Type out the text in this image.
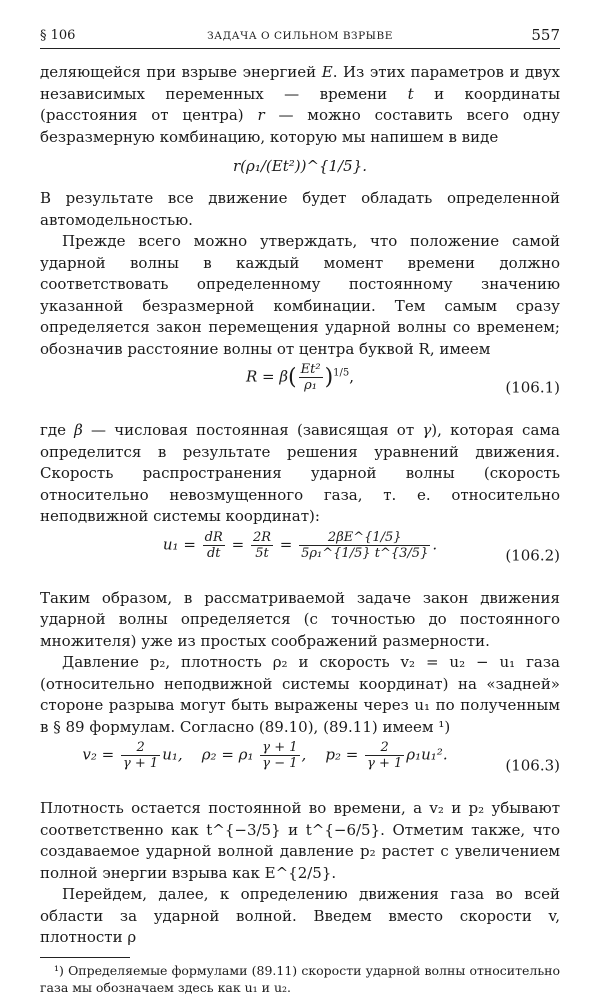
§ 106	ЗАДАЧА О СИЛЬНОМ ВЗРЫВЕ	557

деляющейся при взрыве энергией E. Из этих параметров и двух независимых переменных — времени t и координаты (расстояния от центра) r — можно составить всего одну безразмерную комбинацию, которую мы напишем в виде

r(ρ₁/(Et²))^{1/5}.

В результате все движение будет обладать определенной автомодельностью.

Прежде всего можно утверждать, что положение самой ударной волны в каждый момент времени должно соответствовать определенному постоянному значению указанной безразмерной комбинации. Тем самым сразу определяется закон перемещения ударной волны со временем; обозначив расстояние волны от центра буквой R, имеем

$R = \beta( \frac{\text{Et²}}{\text{ρ₁}} )^{1/5}$,
(106.1)

где β — числовая постоянная (зависящая от γ), которая сама определится в результате решения уравнений движения. Скорость распространения ударной волны (скорость относительно невозмущенного газа, т. е. относительно неподвижной системы координат):

$u_1 = \frac{dR}{dt} = \frac{2R}{5t} = \frac{2\beta E\^{}\{1/5\}}{\text{5ρ₁\textasciicircum{}\{1/5\} t\textasciicircum{}\{3/5\}}}$ .
(106.2)

Таким образом, в рассматриваемой задаче закон движения ударной волны определяется (с точностью до постоянного множителя) уже из простых соображений размерности.

Давление p₂, плотность ρ₂ и скорость v₂ = u₂ − u₁ газа (относительно неподвижной системы координат) на «задней» стороне разрыва могут быть выражены через u₁ по полученным в § 89 формулам. Согласно (89.10), (89.11) имеем ¹)

$v_2 = \frac{2}{\gamma + 1} u_1$, $\rho_2 = \rho_1 \frac{\gamma + 1}{\gamma - 1}$ , $p_2 = \frac{2}{\gamma + 1} \rho_1u_1^2$.
(106.3)

Плотность остается постоянной во времени, а v₂ и p₂ убывают соответственно как t^{−3/5} и t^{−6/5}. Отметим также, что создаваемое ударной волной давление p₂ растет с увеличением полной энергии взрыва как E^{2/5}.

Перейдем, далее, к определению движения газа во всей области за ударной волной. Введем вместо скорости v, плотности ρ

¹) Определяемые формулами (89.11) скорости ударной волны относительно газа мы обозначаем здесь как u₁ и u₂.
